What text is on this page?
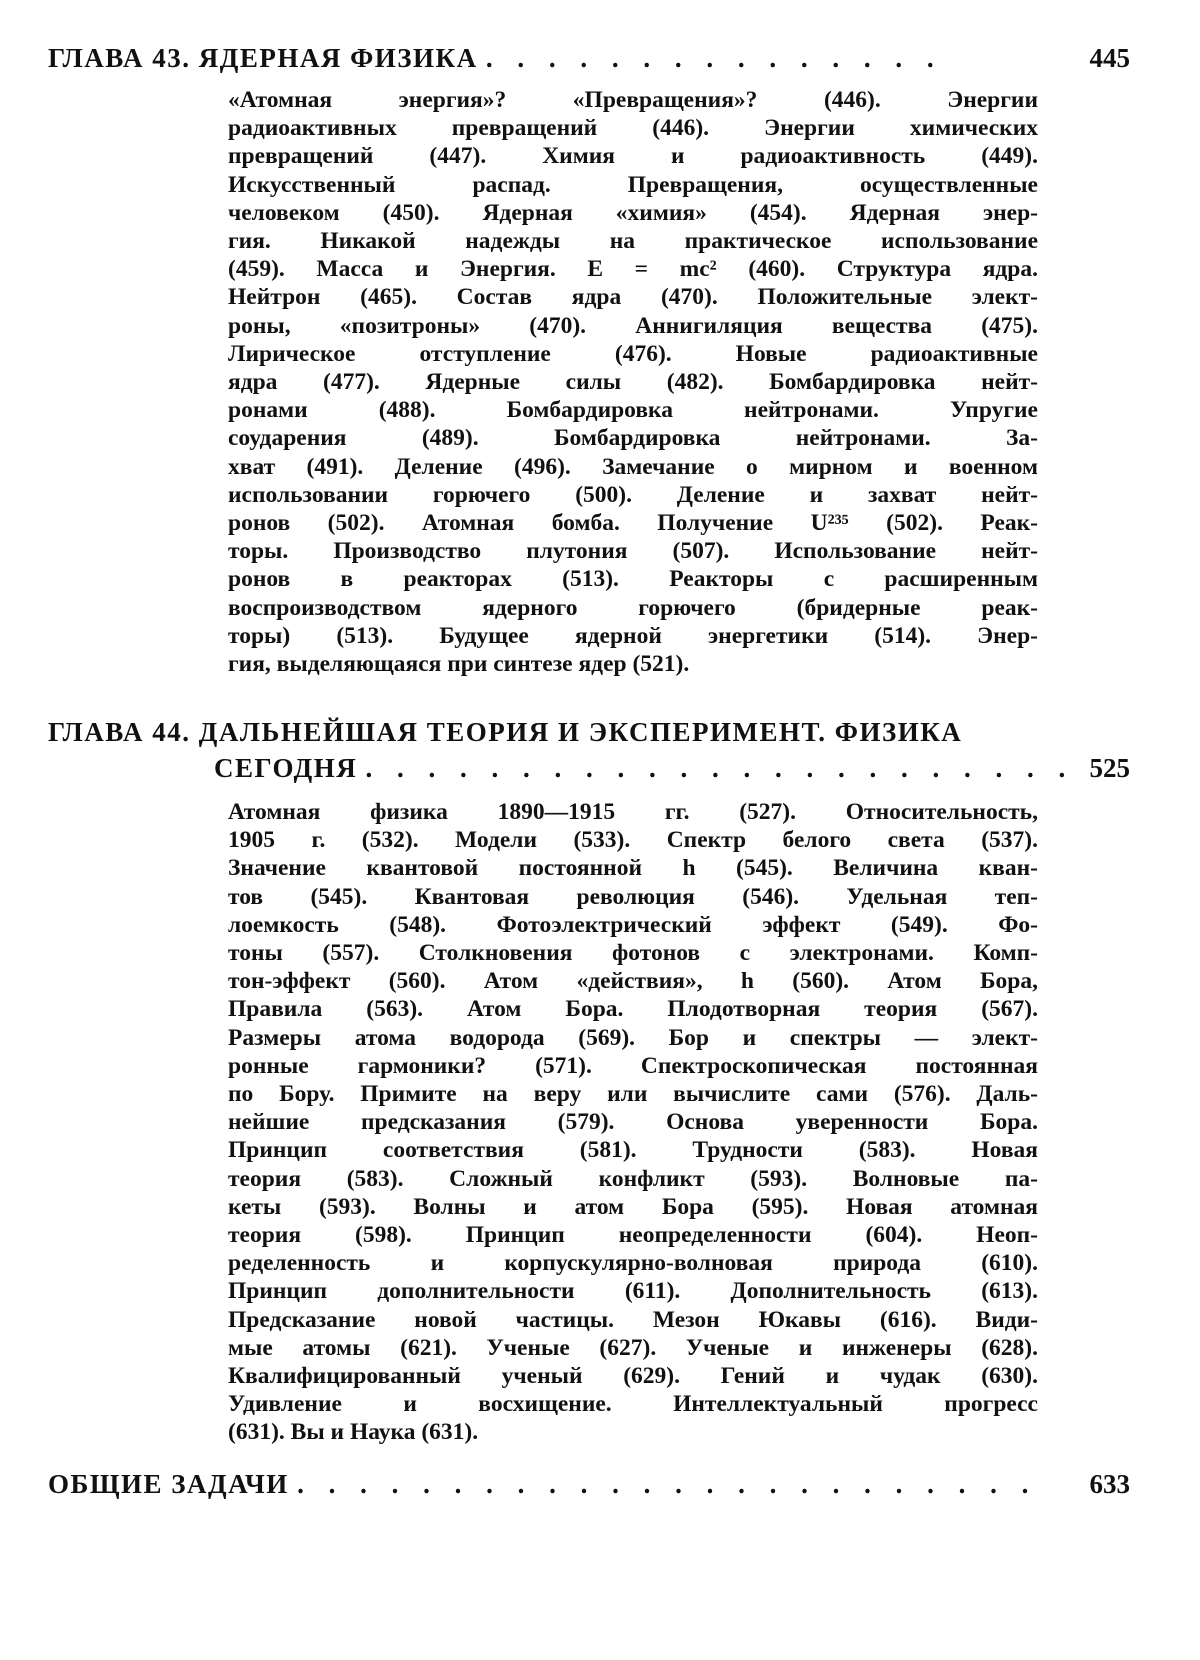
ГЛАВА 43. ЯДЕРНАЯ ФИЗИКА . . . . . . . . . . . . . . .	445
«Атомная энергия»? «Превращения»? (446). Энергии
радиоактивных превращений (446). Энергии химических
превращений (447). Химия и радиоактивность (449).
Искусственный распад. Превращения, осуществленные
человеком (450). Ядерная «химия» (454). Ядерная энер-
гия. Никакой надежды на практическое использование
(459). Масса и Энергия. E = mc² (460). Структура ядра.
Нейтрон (465). Состав ядра (470). Положительные элект-
роны, «позитроны» (470). Аннигиляция вещества (475).
Лирическое отступление (476). Новые радиоактивные
ядра (477). Ядерные силы (482). Бомбардировка нейт-
ронами (488). Бомбардировка нейтронами. Упругие
соударения (489). Бомбардировка нейтронами. За-
хват (491). Деление (496). Замечание о мирном и военном
использовании горючего (500). Деление и захват нейт-
ронов (502). Атомная бомба. Получение U²³⁵ (502). Реак-
торы. Производство плутония (507). Использование нейт-
ронов в реакторах (513). Реакторы с расширенным
воспроизводством ядерного горючего (бридерные реак-
торы) (513). Будущее ядерной энергетики (514). Энер-
гия, выделяющаяся при синтезе ядер (521).
ГЛАВА 44. ДАЛЬНЕЙШАЯ ТЕОРИЯ И ЭКСПЕРИМЕНТ. ФИЗИКА
СЕГОДНЯ . . . . . . . . . . . . . . . . . . . . . . . 525
Атомная физика 1890—1915 гг. (527). Относительность,
1905 г. (532). Модели (533). Спектр белого света (537).
Значение квантовой постоянной h (545). Величина кван-
тов (545). Квантовая революция (546). Удельная теп-
лоемкость (548). Фотоэлектрический эффект (549). Фо-
тоны (557). Столкновения фотонов с электронами. Комп-
тон-эффект (560). Атом «действия», h (560). Атом Бора,
Правила (563). Атом Бора. Плодотворная теория (567).
Размеры атома водорода (569). Бор и спектры — элект-
ронные гармоники? (571). Спектроскопическая постоянная
по Бору. Примите на веру или вычислите сами (576). Даль-
нейшие предсказания (579). Основа уверенности Бора.
Принцип соответствия (581). Трудности (583). Новая
теория (583). Сложный конфликт (593). Волновые па-
кеты (593). Волны и атом Бора (595). Новая атомная
теория (598). Принцип неопределенности (604). Неоп-
ределенность и корпускулярно-волновая природа (610).
Принцип дополнительности (611). Дополнительность (613).
Предсказание новой частицы. Мезон Юкавы (616). Види-
мые атомы (621). Ученые (627). Ученые и инженеры (628).
Квалифицированный ученый (629). Гений и чудак (630).
Удивление и восхищение. Интеллектуальный прогресс
(631). Вы и Наука (631).
ОБЩИЕ ЗАДАЧИ . . . . . . . . . . . . . . . . . . . . . . . . 633
